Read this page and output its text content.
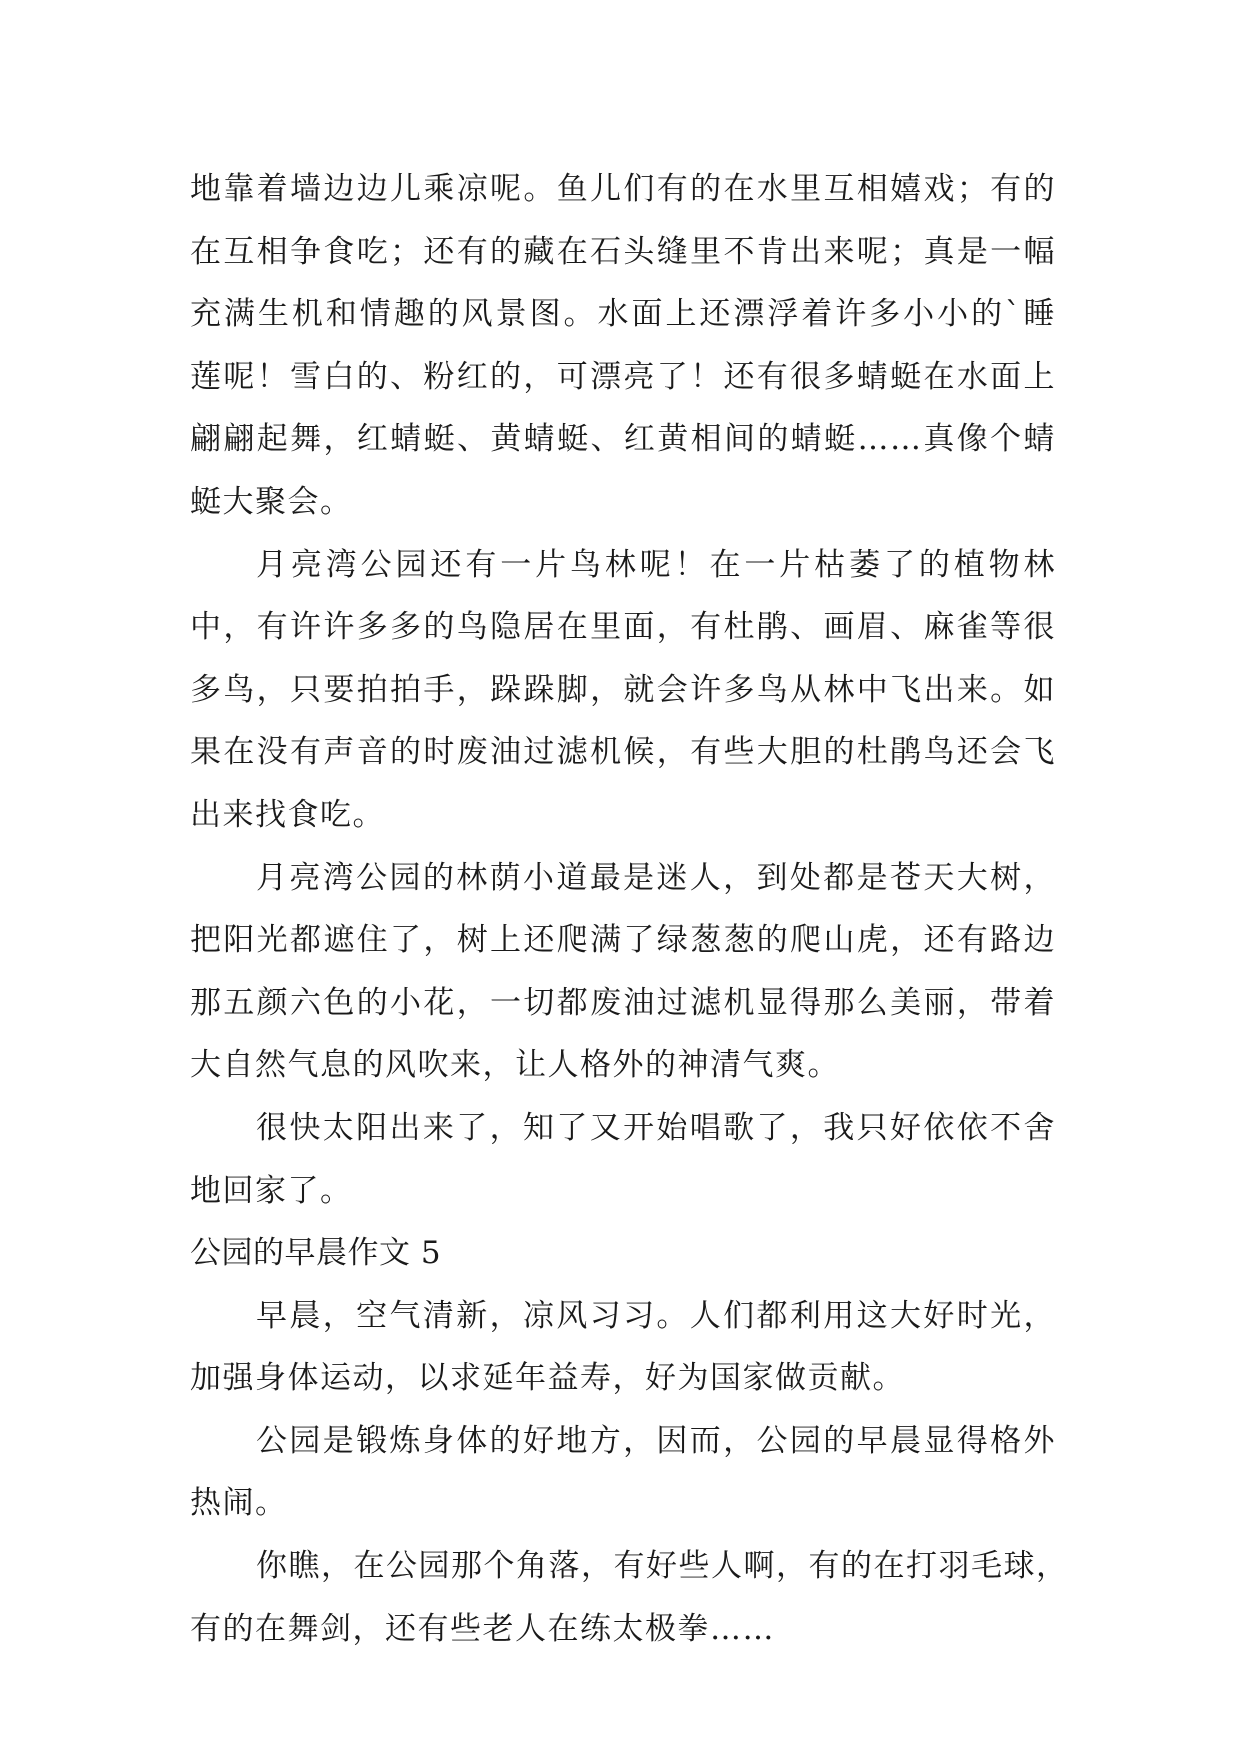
地靠着墙边边儿乘凉呢。鱼儿们有的在水里互相嬉戏；有的
在互相争食吃；还有的藏在石头缝里不肯出来呢；真是一幅
充满生机和情趣的风景图。水面上还漂浮着许多小小的`睡
莲呢！雪白的、粉红的，可漂亮了！还有很多蜻蜓在水面上
翩翩起舞，红蜻蜓、黄蜻蜓、红黄相间的蜻蜓……真像个蜻
蜓大聚会。
月亮湾公园还有一片鸟林呢！在一片枯萎了的植物林
中，有许许多多的鸟隐居在里面，有杜鹃、画眉、麻雀等很
多鸟，只要拍拍手，跺跺脚，就会许多鸟从林中飞出来。如
果在没有声音的时废油过滤机候，有些大胆的杜鹃鸟还会飞
出来找食吃。
月亮湾公园的林荫小道最是迷人，到处都是苍天大树，
把阳光都遮住了，树上还爬满了绿葱葱的爬山虎，还有路边
那五颜六色的小花，一切都废油过滤机显得那么美丽，带着
大自然气息的风吹来，让人格外的神清气爽。
很快太阳出来了，知了又开始唱歌了，我只好依依不舍
地回家了。
公园的早晨作文 5
早晨，空气清新，凉风习习。人们都利用这大好时光，
加强身体运动，以求延年益寿，好为国家做贡献。
公园是锻炼身体的好地方，因而，公园的早晨显得格外
热闹。
你瞧，在公园那个角落，有好些人啊，有的在打羽毛球，
有的在舞剑，还有些老人在练太极拳……
